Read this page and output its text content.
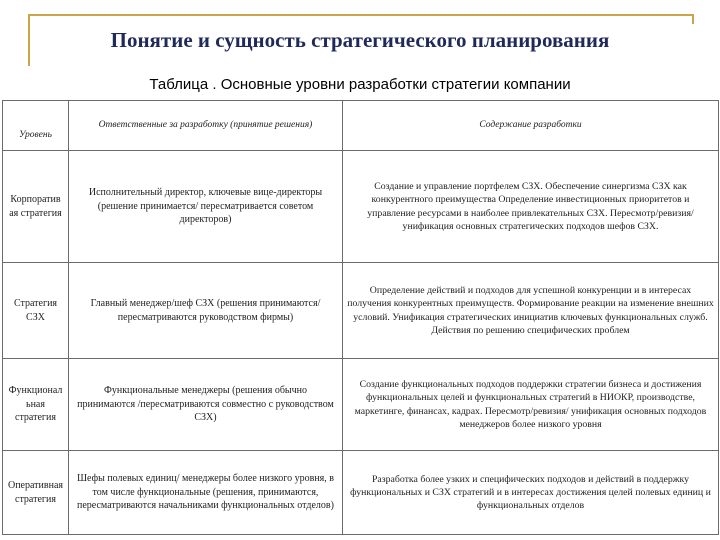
Понятие и сущность стратегического планирования
Таблица . Основные уровни разработки стратегии компании
Уровень	Ответственные за разработку (принятие решения)	Содержание разработки
Корпоратив ая стратегия	Исполнительный директор, ключевые вице-директоры (решение принимается/ пересматривается советом директоров)	Создание и управление портфелем СЗХ. Обеспечение синергизма СЗХ как конкурентного преимущества Определение инвестиционных приоритетов и управление ресурсами в наиболее привлекательных СЗХ. Пересмотр/ревизия/унификация основных стратегических подходов шефов СЗХ.
Стратегия СЗХ	Главный менеджер/шеф СЗХ (решения принимаются/пересматриваются руководством фирмы)	Определение действий и подходов для успешной конкуренции и в интересах получения конкурентных преимуществ. Формирование реакции на изменение внешних условий. Унификация стратегических инициатив ключевых функциональных служб. Действия по решению специфических проблем
Функционал ьная стратегия	Функциональные менеджеры (решения обычно принимаются /пересматриваются совместно с руководством СЗХ)	Создание функциональных подходов поддержки стратегии бизнеса и достижения функциональных целей и функциональных стратегий в НИОКР, производстве, маркетинге, финансах, кадрах. Пересмотр/ревизия/ унификация основных подходов менеджеров более низкого уровня
Оперативная стратегия	Шефы полевых единиц/ менеджеры более низкого уровня, в том числе функциональные (решения, принимаются, пересматриваются начальниками функциональных отделов)	Разработка более узких и специфических подходов и действий в поддержку функциональных и СЗХ стратегий и в интересах достижения целей полевых единиц и функциональных отделов
